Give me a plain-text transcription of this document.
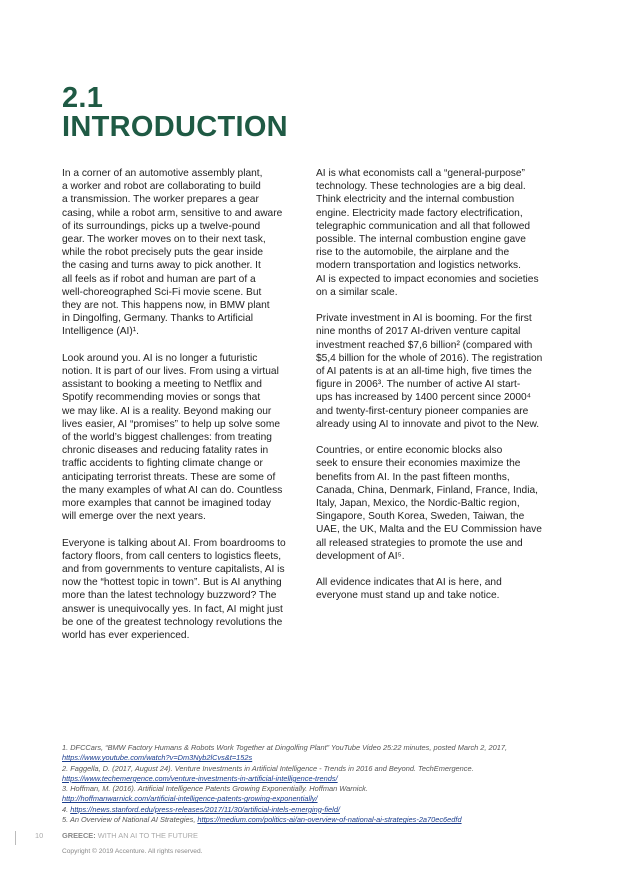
2.1
INTRODUCTION

In a corner of an automotive assembly plant,
a worker and robot are collaborating to build
a transmission. The worker prepares a gear
casing, while a robot arm, sensitive to and aware
of its surroundings, picks up a twelve-pound
gear. The worker moves on to their next task,
while the robot precisely puts the gear inside
the casing and turns away to pick another. It
all feels as if robot and human are part of a
well-choreographed Sci-Fi movie scene. But
they are not. This happens now, in BMW plant
in Dingolfing, Germany. Thanks to Artificial
Intelligence (AI)¹.

Look around you. AI is no longer a futuristic
notion. It is part of our lives. From using a virtual
assistant to booking a meeting to Netflix and
Spotify recommending movies or songs that
we may like. AI is a reality. Beyond making our
lives easier, AI “promises” to help up solve some
of the world’s biggest challenges: from treating
chronic diseases and reducing fatality rates in
traffic accidents to fighting climate change or
anticipating terrorist threats. These are some of
the many examples of what AI can do. Countless
more examples that cannot be imagined today
will emerge over the next years.

Everyone is talking about AI. From boardrooms to
factory floors, from call centers to logistics fleets,
and from governments to venture capitalists, AI is
now the “hottest topic in town”. But is AI anything
more than the latest technology buzzword? The
answer is unequivocally yes. In fact, AI might just
be one of the greatest technology revolutions the
world has ever experienced.

AI is what economists call a “general-purpose”
technology. These technologies are a big deal.
Think electricity and the internal combustion
engine. Electricity made factory electrification,
telegraphic communication and all that followed
possible. The internal combustion engine gave
rise to the automobile, the airplane and the
modern transportation and logistics networks.
AI is expected to impact economies and societies
on a similar scale.

Private investment in AI is booming. For the first
nine months of 2017 AI-driven venture capital
investment reached $7,6 billion² (compared with
$5,4 billion for the whole of 2016). The registration
of AI patents is at an all-time high, five times the
figure in 2006³. The number of active AI start-
ups has increased by 1400 percent since 2000⁴
and twenty-first-century pioneer companies are
already using AI to innovate and pivot to the New.

Countries, or entire economic blocks also
seek to ensure their economies maximize the
benefits from AI. In the past fifteen months,
Canada, China, Denmark, Finland, France, India,
Italy, Japan, Mexico, the Nordic-Baltic region,
Singapore, South Korea, Sweden, Taiwan, the
UAE, the UK, Malta and the EU Commission have
all released strategies to promote the use and
development of AI⁵.

All evidence indicates that AI is here, and
everyone must stand up and take notice.

1. DFCCars, “BMW Factory Humans & Robots Work Together at Dingolfing Plant” YouTube Video 25:22 minutes, posted March 2, 2017,
https://www.youtube.com/watch?v=Dm3Nyb2lCvs&t=152s
2. Faggella, D. (2017, August 24). Venture Investments in Artificial Intelligence - Trends in 2016 and Beyond. TechEmergence.
https://www.techemergence.com/venture-investments-in-artificial-intelligence-trends/
3. Hoffman, M. (2016). Artificial Intelligence Patents Growing Exponentially. Hoffman Warnick.
http://hoffmanwarnick.com/artificial-intelligence-patents-growing-exponentially/
4. https://news.stanford.edu/press-releases/2017/11/30/artificial-intels-emerging-field/
5. An Overview of National AI Strategies, https://medium.com/politics-ai/an-overview-of-national-ai-strategies-2a70ec6edfd
10	GREECE: WITH AN AI TO THE FUTURE
Copyright © 2019 Accenture. All rights reserved.
